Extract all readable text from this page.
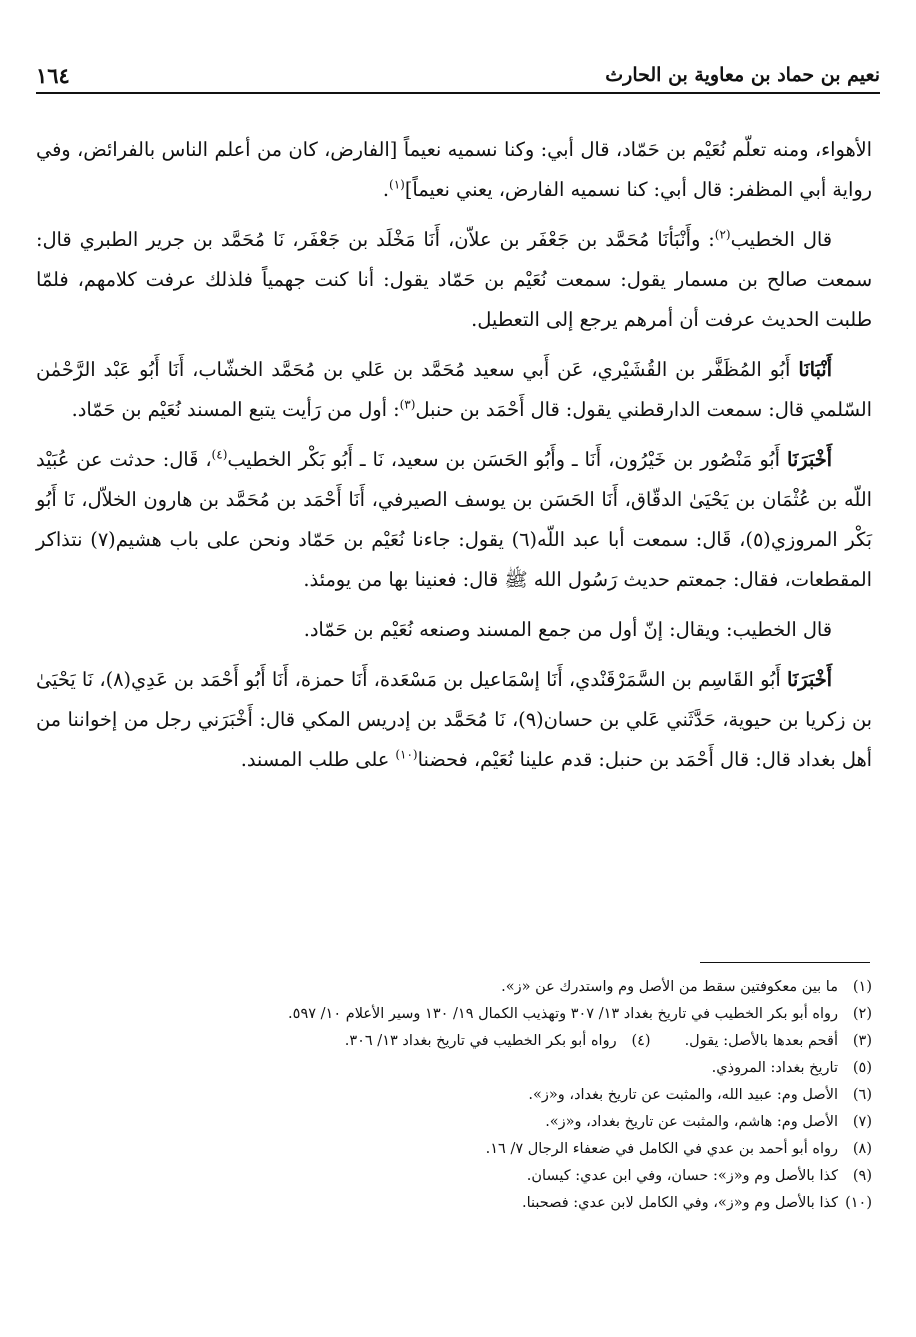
نعيم بن حماد بن معاوية بن الحارث
١٦٤

الأهواء، ومنه تعلّم نُعَيْم بن حَمّاد، قال أبي: وكنا نسميه نعيماً [الفارض، كان من أعلم الناس بالفرائض، وفي رواية أبي المظفر: قال أبي: كنا نسميه الفارض، يعني نعيماً]$^{(١)}$.

قال الخطيب$^{(٢)}$: وأَنْبَأنَا مُحَمَّد بن جَعْفَر بن علاّن، أَنَا مَخْلَد بن جَعْفَر، نَا مُحَمَّد بن جرير الطبري قال: سمعت صالح بن مسمار يقول: سمعت نُعَيْم بن حَمّاد يقول: أنا كنت جهمياً فلذلك عرفت كلامهم، فلمّا طلبت الحديث عرفت أن أمرهم يرجع إلى التعطيل.

أَنْبَانَا أَبُو المُظَفَّر بن القُشَيْري، عَن أَبي سعيد مُحَمَّد بن عَلي بن مُحَمَّد الخشّاب، أَنَا أَبُو عَبْد الرَّحْمٰن السّلمي قال: سمعت الدارقطني يقول: قال أَحْمَد بن حنبل$^{(٣)}$: أول من رَأيت يتبع المسند نُعَيْم بن حَمّاد.

أَخْبَرَنَا أَبُو مَنْصُور بن خَيْرُون، أَنَا ـ وأَبُو الحَسَن بن سعيد، نَا ـ أَبُو بَكْر الخطيب$^{(٤)}$، قَال: حدثت عن عُبَيْد اللّه بن عُثْمَان بن يَحْيَىٰ الدقّاق، أَنَا الحَسَن بن يوسف الصيرفي، أَنَا أَحْمَد بن مُحَمَّد بن هارون الخلاّل، نَا أَبُو بَكْر المروزي(٥)، قَال: سمعت أبا عبد اللّه(٦) يقول: جاءنا نُعَيْم بن حَمّاد ونحن على باب هشيم(٧) نتذاكر المقطعات، فقال: جمعتم حديث رَسُول الله ﷺ قال: فعنينا بها من يومئذ.

قال الخطيب: ويقال: إنّ أول من جمع المسند وصنعه نُعَيْم بن حَمّاد.

أَخْبَرَنَا أَبُو القَاسِم بن السَّمَرْقَنْدي، أَنَا إسْمَاعيل بن مَسْعَدة، أَنَا حمزة، أَنَا أَبُو أَحْمَد بن عَدِي(٨)، نَا يَحْيَىٰ بن زكريا بن حيوية، حَدَّثَني عَلي بن حسان(٩)، نَا مُحَمَّد بن إدريس المكي قال: أَخْبَرَني رجل من إخواننا من أهل بغداد قال: قال أَحْمَد بن حنبل: قدم علينا نُعَيْم، فحضنا$^{(١٠)}$ على طلب المسند.

(١)
ما بين معكوفتين سقط من الأصل وم واستدرك عن «ز».
(٢)
رواه أبو بكر الخطيب في تاريخ بغداد ١٣/ ٣٠٧ وتهذيب الكمال ١٩/ ١٣٠ وسير الأعلام ١٠/ ٥٩٧.
(٣)
أقحم بعدها بالأصل: يقول.
(٤)
رواه أبو بكر الخطيب في تاريخ بغداد ١٣/ ٣٠٦.
(٥)
تاريخ بغداد: المروذي.
(٦)
الأصل وم: عبيد الله، والمثبت عن تاريخ بغداد، و«ز».
(٧)
الأصل وم: هاشم، والمثبت عن تاريخ بغداد، و«ز».
(٨)
رواه أبو أحمد بن عدي في الكامل في ضعفاء الرجال ٧/ ١٦.
(٩)
كذا بالأصل وم و«ز»: حسان، وفي ابن عدي: كيسان.
(١٠)
كذا بالأصل وم و«ز»، وفي الكامل لابن عدي: فصحبنا.
